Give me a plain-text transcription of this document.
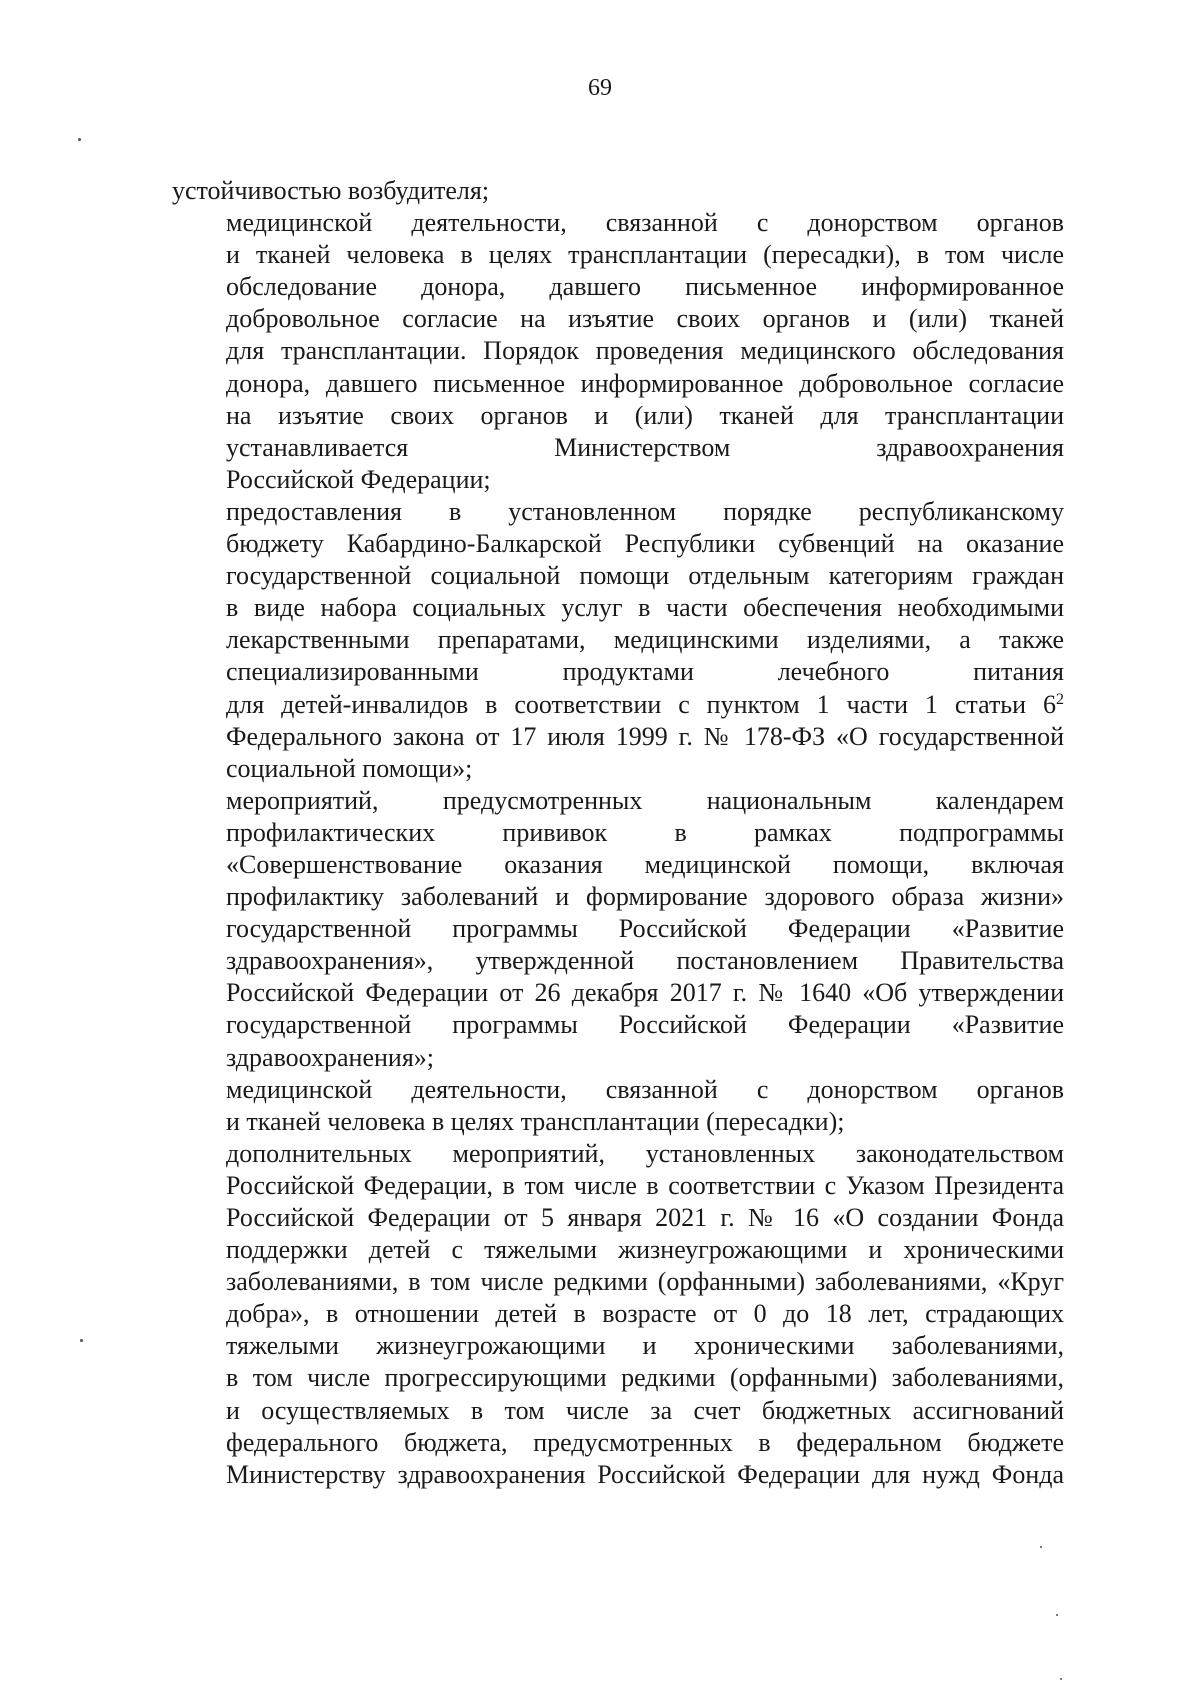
69

устойчивостью возбудителя;

медицинской деятельности, связанной с донорством органов
и тканей человека в целях трансплантации (пересадки), в том числе
обследование донора, давшего письменное информированное
добровольное согласие на изъятие своих органов и (или) тканей
для трансплантации. Порядок проведения медицинского обследования
донора, давшего письменное информированное добровольное согласие
на изъятие своих органов и (или) тканей для трансплантации
устанавливается Министерством здравоохранения
Российской Федерации;

предоставления в установленном порядке республиканскому
бюджету Кабардино-Балкарской Республики субвенций на оказание
государственной социальной помощи отдельным категориям граждан
в виде набора социальных услуг в части обеспечения необходимыми
лекарственными препаратами, медицинскими изделиями, а также
специализированными продуктами лечебного питания
для детей-инвалидов в соответствии с пунктом 1 части 1 статьи $6^2$
Федерального закона от 17 июля 1999 г. № 178-ФЗ «О государственной
социальной помощи»;

мероприятий, предусмотренных национальным календарем
профилактических прививок в рамках подпрограммы
«Совершенствование оказания медицинской помощи, включая
профилактику заболеваний и формирование здорового образа жизни»
государственной программы Российской Федерации «Развитие
здравоохранения», утвержденной постановлением Правительства
Российской Федерации от 26 декабря 2017 г. № 1640 «Об утверждении
государственной программы Российской Федерации «Развитие
здравоохранения»;

медицинской деятельности, связанной с донорством органов
и тканей человека в целях трансплантации (пересадки);

дополнительных мероприятий, установленных законодательством
Российской Федерации, в том числе в соответствии с Указом Президента
Российской Федерации от 5 января 2021 г. № 16 «О создании Фонда
поддержки детей с тяжелыми жизнеугрожающими и хроническими
заболеваниями, в том числе редкими (орфанными) заболеваниями, «Круг
добра», в отношении детей в возрасте от 0 до 18 лет, страдающих
тяжелыми жизнеугрожающими и хроническими заболеваниями,
в том числе прогрессирующими редкими (орфанными) заболеваниями,
и осуществляемых в том числе за счет бюджетных ассигнований
федерального бюджета, предусмотренных в федеральном бюджете
Министерству здравоохранения Российской Федерации для нужд Фонда
